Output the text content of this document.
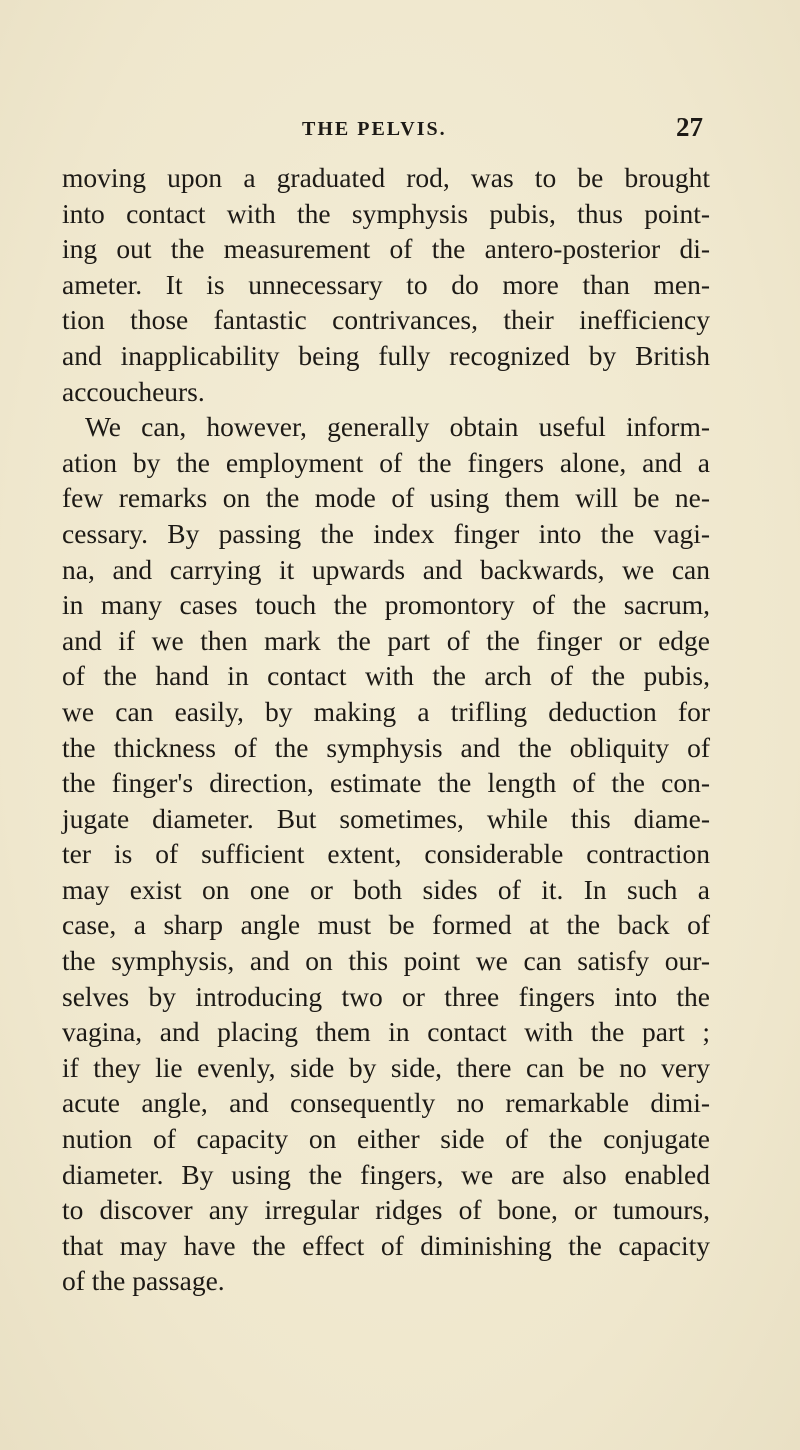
THE PELVIS.	27
moving upon a graduated rod, was to be brought
into contact with the symphysis pubis, thus point-
ing out the measurement of the antero-posterior di-
ameter. It is unnecessary to do more than men-
tion those fantastic contrivances, their inefficiency
and inapplicability being fully recognized by British
accoucheurs.
We can, however, generally obtain useful inform-
ation by the employment of the fingers alone, and a
few remarks on the mode of using them will be ne-
cessary. By passing the index finger into the vagi-
na, and carrying it upwards and backwards, we can
in many cases touch the promontory of the sacrum,
and if we then mark the part of the finger or edge
of the hand in contact with the arch of the pubis,
we can easily, by making a trifling deduction for
the thickness of the symphysis and the obliquity of
the finger's direction, estimate the length of the con-
jugate diameter. But sometimes, while this diame-
ter is of sufficient extent, considerable contraction
may exist on one or both sides of it. In such a
case, a sharp angle must be formed at the back of
the symphysis, and on this point we can satisfy our-
selves by introducing two or three fingers into the
vagina, and placing them in contact with the part ;
if they lie evenly, side by side, there can be no very
acute angle, and consequently no remarkable dimi-
nution of capacity on either side of the conjugate
diameter. By using the fingers, we are also enabled
to discover any irregular ridges of bone, or tumours,
that may have the effect of diminishing the capacity
of the passage.
